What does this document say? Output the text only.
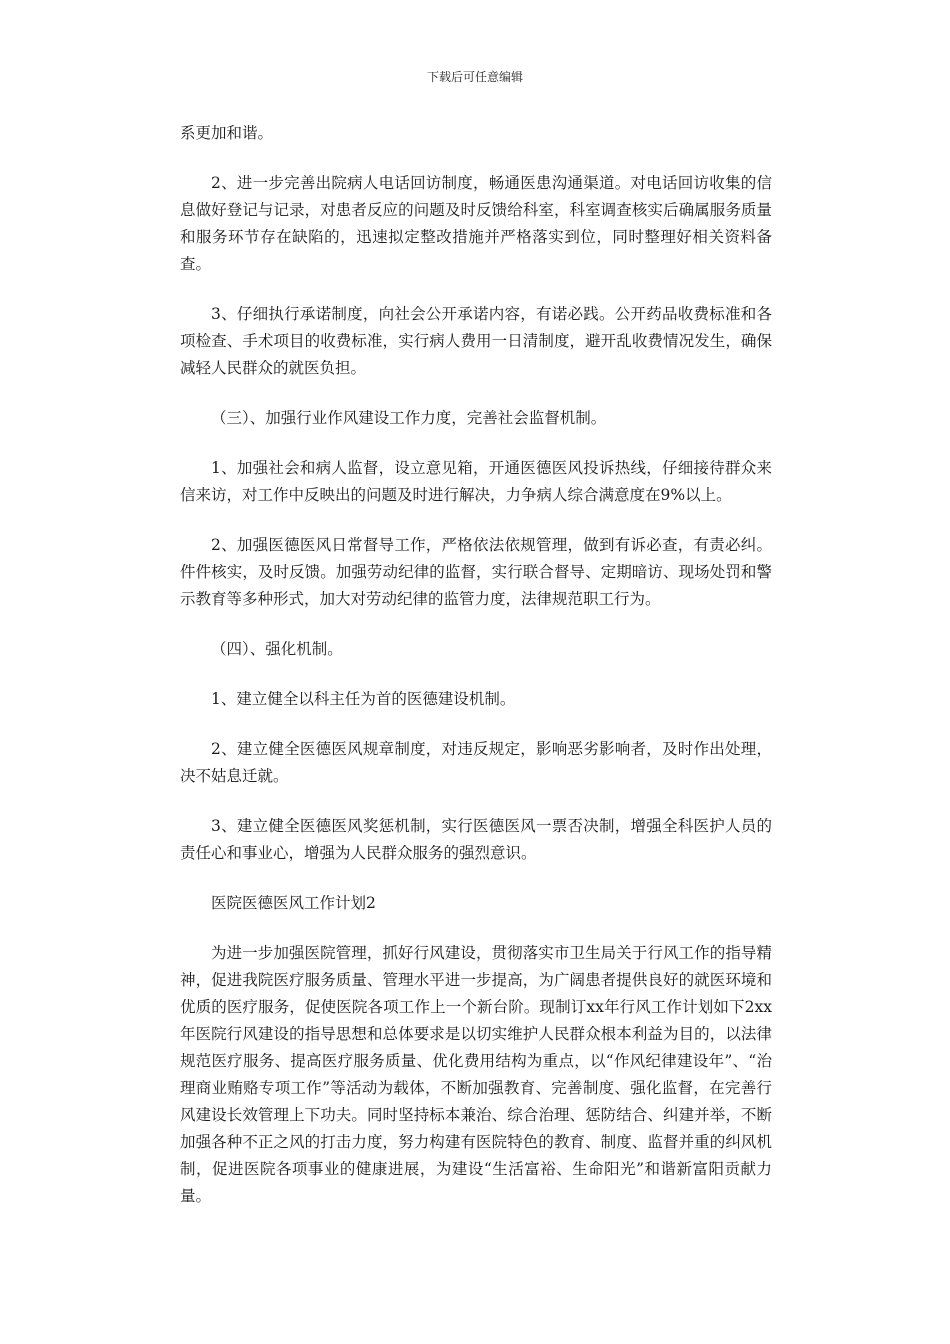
下载后可任意编辑

系更加和谐。

2、进一步完善出院病人电话回访制度，畅通医患沟通渠道。对电话回访收集的信息做好登记与记录，对患者反应的问题及时反馈给科室，科室调查核实后确属服务质量和服务环节存在缺陷的，迅速拟定整改措施并严格落实到位，同时整理好相关资料备查。

3、仔细执行承诺制度，向社会公开承诺内容，有诺必践。公开药品收费标准和各项检查、手术项目的收费标准，实行病人费用一日清制度，避开乱收费情况发生，确保减轻人民群众的就医负担。

（三）、加强行业作风建设工作力度，完善社会监督机制。

1、加强社会和病人监督，设立意见箱，开通医德医风投诉热线，仔细接待群众来信来访，对工作中反映出的问题及时进行解决，力争病人综合满意度在9%以上。

2、加强医德医风日常督导工作，严格依法依规管理，做到有诉必查，有责必纠。件件核实，及时反馈。加强劳动纪律的监督，实行联合督导、定期暗访、现场处罚和警示教育等多种形式，加大对劳动纪律的监管力度，法律规范职工行为。

（四）、强化机制。

1、建立健全以科主任为首的医德建设机制。

2、建立健全医德医风规章制度，对违反规定，影响恶劣影响者，及时作出处理，决不姑息迁就。

3、建立健全医德医风奖惩机制，实行医德医风一票否决制，增强全科医护人员的责任心和事业心，增强为人民群众服务的强烈意识。

医院医德医风工作计划2

为进一步加强医院管理，抓好行风建设，贯彻落实市卫生局关于行风工作的指导精神，促进我院医疗服务质量、管理水平进一步提高，为广阔患者提供良好的就医环境和优质的医疗服务，促使医院各项工作上一个新台阶。现制订xx年行风工作计划如下2xx年医院行风建设的指导思想和总体要求是以切实维护人民群众根本利益为目的，以法律规范医疗服务、提高医疗服务质量、优化费用结构为重点，以“作风纪律建设年”、“治理商业贿赂专项工作”等活动为载体，不断加强教育、完善制度、强化监督，在完善行风建设长效管理上下功夫。同时坚持标本兼治、综合治理、惩防结合、纠建并举，不断加强各种不正之风的打击力度，努力构建有医院特色的教育、制度、监督并重的纠风机制，促进医院各项事业的健康进展，为建设“生活富裕、生命阳光”和谐新富阳贡献力量。
